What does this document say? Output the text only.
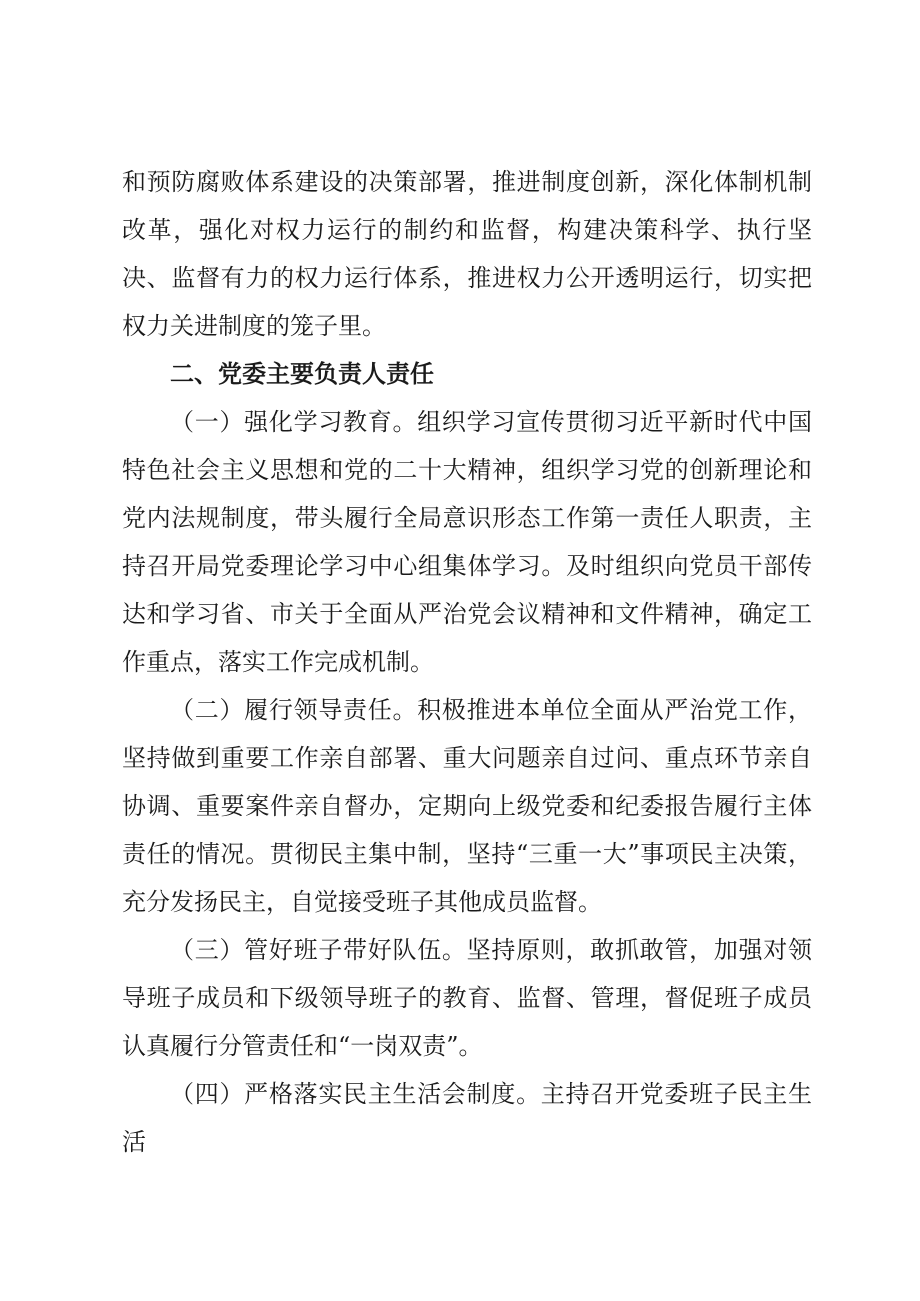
和预防腐败体系建设的决策部署，推进制度创新，深化体制机制改革，强化对权力运行的制约和监督，构建决策科学、执行坚决、监督有力的权力运行体系，推进权力公开透明运行，切实把权力关进制度的笼子里。

二、党委主要负责人责任

（一）强化学习教育。组织学习宣传贯彻习近平新时代中国特色社会主义思想和党的二十大精神，组织学习党的创新理论和党内法规制度，带头履行全局意识形态工作第一责任人职责，主持召开局党委理论学习中心组集体学习。及时组织向党员干部传达和学习省、市关于全面从严治党会议精神和文件精神，确定工作重点，落实工作完成机制。

（二）履行领导责任。积极推进本单位全面从严治党工作，坚持做到重要工作亲自部署、重大问题亲自过问、重点环节亲自协调、重要案件亲自督办，定期向上级党委和纪委报告履行主体责任的情况。贯彻民主集中制，坚持“三重一大”事项民主决策，充分发扬民主，自觉接受班子其他成员监督。

（三）管好班子带好队伍。坚持原则，敢抓敢管，加强对领导班子成员和下级领导班子的教育、监督、管理，督促班子成员认真履行分管责任和“一岗双责”。

（四）严格落实民主生活会制度。主持召开党委班子民主生活
